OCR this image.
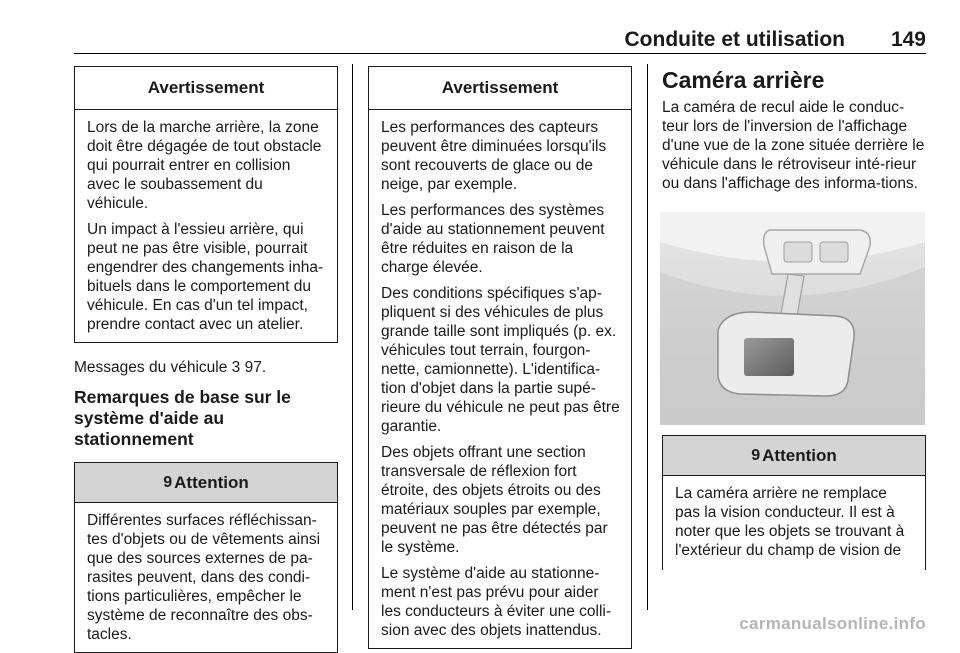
Conduite et utilisation	149
Avertissement

Lors de la marche arrière, la zone doit être dégagée de tout obstacle qui pourrait entrer en collision avec le soubassement du véhicule.

Un impact à l'essieu arrière, qui peut ne pas être visible, pourrait engendrer des changements inha-bituels dans le comportement du véhicule. En cas d'un tel impact, prendre contact avec un atelier.

Messages du véhicule 3 97.

Remarques de base sur le système d'aide au stationnement

9 Attention

Différentes surfaces réfléchissan-tes d'objets ou de vêtements ainsi que des sources externes de pa-rasites peuvent, dans des condi-tions particulières, empêcher le système de reconnaître des obs-tacles.

Avertissement

Les performances des capteurs peuvent être diminuées lorsqu'ils sont recouverts de glace ou de neige, par exemple.

Les performances des systèmes d'aide au stationnement peuvent être réduites en raison de la charge élevée.

Des conditions spécifiques s'ap-pliquent si des véhicules de plus grande taille sont impliqués (p. ex. véhicules tout terrain, fourgon-nette, camionnette). L'identifica-tion d'objet dans la partie supé-rieure du véhicule ne peut pas être garantie.

Des objets offrant une section transversale de réflexion fort étroite, des objets étroits ou des matériaux souples par exemple, peuvent ne pas être détectés par le système.

Le système d'aide au stationne-ment n'est pas prévu pour aider les conducteurs à éviter une colli-sion avec des objets inattendus.

Caméra arrière

La caméra de recul aide le conduc-teur lors de l'inversion de l'affichage d'une vue de la zone située derrière le véhicule dans le rétroviseur inté-rieur ou dans l'affichage des informa-tions.

9 Attention

La caméra arrière ne remplace pas la vision conducteur. Il est à noter que les objets se trouvant à l'extérieur du champ de vision de

carmanualsonline.info
